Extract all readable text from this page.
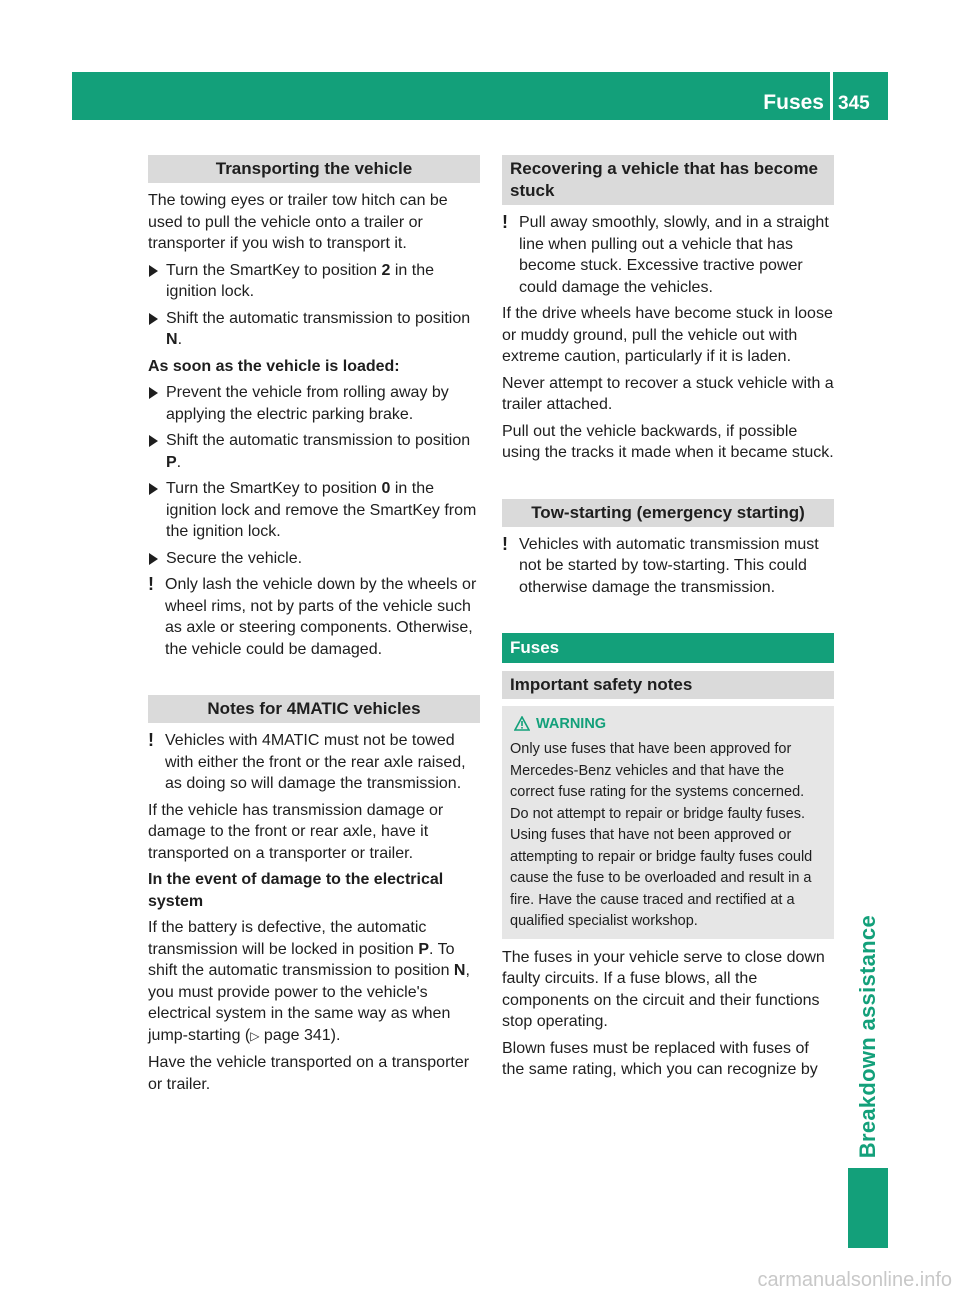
Fuses 345
Breakdown assistance
Transporting the vehicle

The towing eyes or trailer tow hitch can be used to pull the vehicle onto a trailer or transporter if you wish to transport it.

Turn the SmartKey to position 2 in the ignition lock.
Shift the automatic transmission to position N.

As soon as the vehicle is loaded:

Prevent the vehicle from rolling away by applying the electric parking brake.
Shift the automatic transmission to position P.
Turn the SmartKey to position 0 in the ignition lock and remove the SmartKey from the ignition lock.
Secure the vehicle.
! Only lash the vehicle down by the wheels or wheel rims, not by parts of the vehicle such as axle or steering components. Otherwise, the vehicle could be damaged.
Notes for 4MATIC vehicles
! Vehicles with 4MATIC must not be towed with either the front or the rear axle raised, as doing so will damage the transmission.

If the vehicle has transmission damage or damage to the front or rear axle, have it transported on a transporter or trailer.

In the event of damage to the electrical system

If the battery is defective, the automatic transmission will be locked in position P. To shift the automatic transmission to position N, you must provide power to the vehicle's electrical system in the same way as when jump-starting (▷ page 341).

Have the vehicle transported on a transporter or trailer.

Recovering a vehicle that has become stuck
! Pull away smoothly, slowly, and in a straight line when pulling out a vehicle that has become stuck. Excessive tractive power could damage the vehicles.

If the drive wheels have become stuck in loose or muddy ground, pull the vehicle out with extreme caution, particularly if it is laden.

Never attempt to recover a stuck vehicle with a trailer attached.

Pull out the vehicle backwards, if possible using the tracks it made when it became stuck.

Tow-starting (emergency starting)
! Vehicles with automatic transmission must not be started by tow-starting. This could otherwise damage the transmission.
Fuses
Important safety notes
WARNING
Only use fuses that have been approved for Mercedes-Benz vehicles and that have the correct fuse rating for the systems concerned. Do not attempt to repair or bridge faulty fuses. Using fuses that have not been approved or attempting to repair or bridge faulty fuses could cause the fuse to be overloaded and result in a fire. Have the cause traced and rectified at a qualified specialist workshop.

The fuses in your vehicle serve to close down faulty circuits. If a fuse blows, all the components on the circuit and their functions stop operating.

Blown fuses must be replaced with fuses of the same rating, which you can recognize by

carmanualsonline.info
